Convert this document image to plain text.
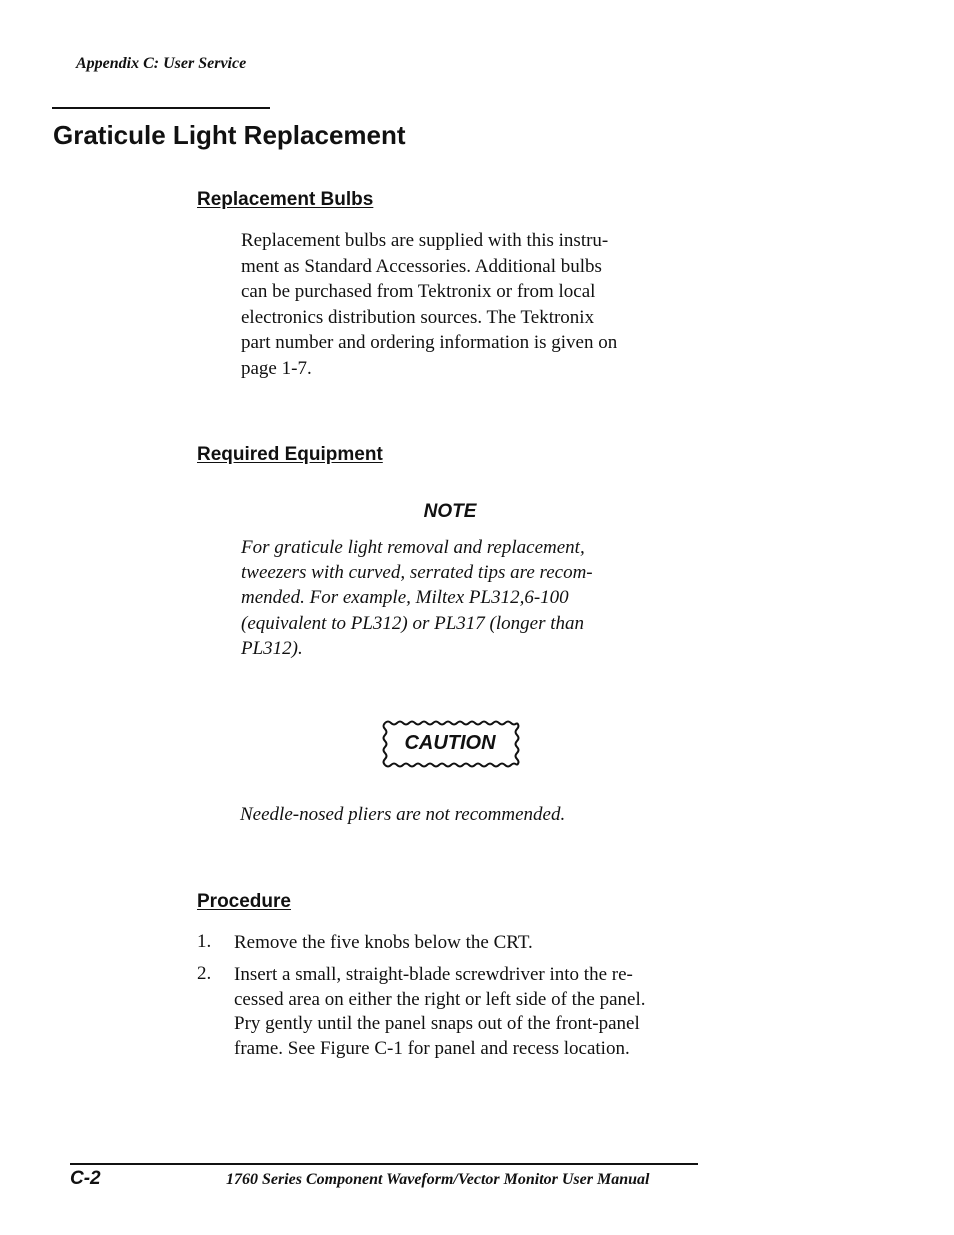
Appendix C: User Service
Graticule Light Replacement
Replacement Bulbs
Replacement bulbs are supplied with this instru-
ment as Standard Accessories. Additional bulbs
can be purchased from Tektronix or from local
electronics distribution sources. The Tektronix
part number and ordering information is given on
page 1-7.
Required Equipment
NOTE
For graticule light removal and replacement,
tweezers with curved, serrated tips are recom-
mended. For example, Miltex PL312,6-100
(equivalent to PL312) or PL317 (longer than
PL312).
CAUTION
Needle-nosed pliers are not recommended.
Procedure
1. Remove the five knobs below the CRT.
2. Insert a small, straight-blade screwdriver into the re-
cessed area on either the right or left side of the panel.
Pry gently until the panel snaps out of the front-panel
frame. See Figure C-1 for panel and recess location.
C-2	1760 Series Component Waveform/Vector Monitor User Manual
